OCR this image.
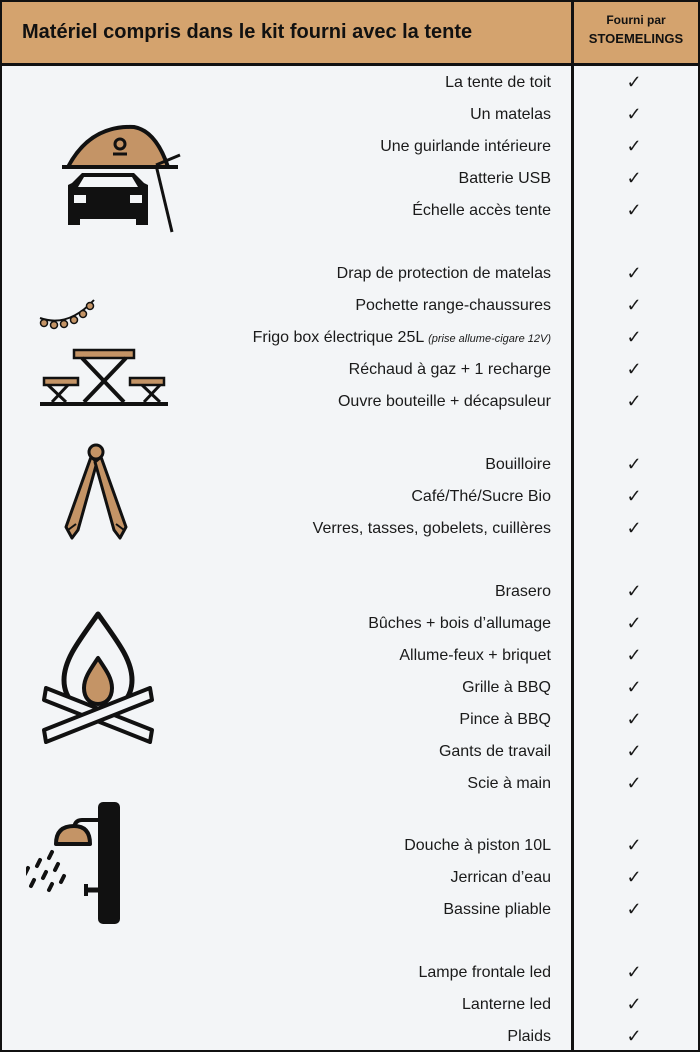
Matériel compris dans le kit fourni avec la tente
Fourni par
STOEMELINGS
La tente de toit	✓
Un matelas	✓
Une guirlande intérieure	✓
Batterie USB	✓
Échelle accès tente	✓
Drap de protection de matelas	✓
Pochette range-chaussures	✓
Frigo box électrique 25L (prise allume-cigare 12V)	✓
Réchaud à gaz + 1 recharge	✓
Ouvre bouteille + décapsuleur	✓
Bouilloire	✓
Café/Thé/Sucre Bio	✓
Verres, tasses, gobelets, cuillères	✓
Brasero	✓
Bûches + bois d’allumage	✓
Allume-feux + briquet	✓
Grille à BBQ	✓
Pince à BBQ	✓
Gants de travail	✓
Scie à main	✓
Douche à piston 10L	✓
Jerrican d’eau	✓
Bassine pliable	✓
Lampe frontale led	✓
Lanterne led	✓
Plaids	✓
